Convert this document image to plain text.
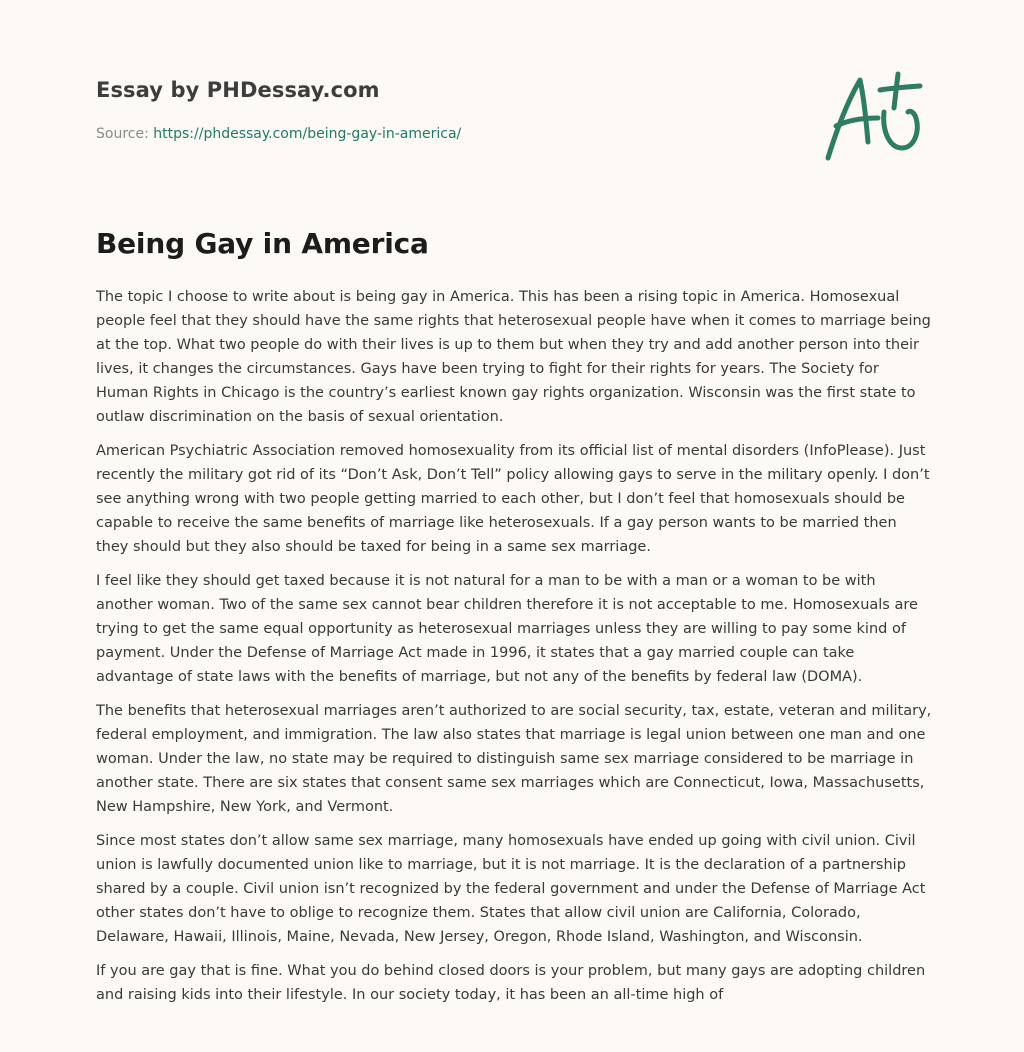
Essay by PHDessay.com
Source: https://phdessay.com/being-gay-in-america/
Being Gay in America

The topic I choose to write about is being gay in America. This has been a rising topic in America. Homosexual people feel that they should have the same rights that heterosexual people have when it comes to marriage being at the top. What two people do with their lives is up to them but when they try and add another person into their lives, it changes the circumstances. Gays have been trying to fight for their rights for years. The Society for Human Rights in Chicago is the country’s earliest known gay rights organization. Wisconsin was the first state to outlaw discrimination on the basis of sexual orientation.

American Psychiatric Association removed homosexuality from its official list of mental disorders (InfoPlease). Just recently the military got rid of its “Don’t Ask, Don’t Tell” policy allowing gays to serve in the military openly. I don’t see anything wrong with two people getting married to each other, but I don’t feel that homosexuals should be capable to receive the same benefits of marriage like heterosexuals. If a gay person wants to be married then they should but they also should be taxed for being in a same sex marriage.

I feel like they should get taxed because it is not natural for a man to be with a man or a woman to be with another woman. Two of the same sex cannot bear children therefore it is not acceptable to me. Homosexuals are trying to get the same equal opportunity as heterosexual marriages unless they are willing to pay some kind of payment. Under the Defense of Marriage Act made in 1996, it states that a gay married couple can take advantage of state laws with the benefits of marriage, but not any of the benefits by federal law (DOMA).

The benefits that heterosexual marriages aren’t authorized to are social security, tax, estate, veteran and military, federal employment, and immigration. The law also states that marriage is legal union between one man and one woman. Under the law, no state may be required to distinguish same sex marriage considered to be marriage in another state. There are six states that consent same sex marriages which are Connecticut, Iowa, Massachusetts, New Hampshire, New York, and Vermont.

Since most states don’t allow same sex marriage, many homosexuals have ended up going with civil union. Civil union is lawfully documented union like to marriage, but it is not marriage. It is the declaration of a partnership shared by a couple. Civil union isn’t recognized by the federal government and under the Defense of Marriage Act other states don’t have to oblige to recognize them. States that allow civil union are California, Colorado, Delaware, Hawaii, Illinois, Maine, Nevada, New Jersey, Oregon, Rhode Island, Washington, and Wisconsin.

If you are gay that is fine. What you do behind closed doors is your problem, but many gays are adopting children and raising kids into their lifestyle. In our society today, it has been an all-time high of
